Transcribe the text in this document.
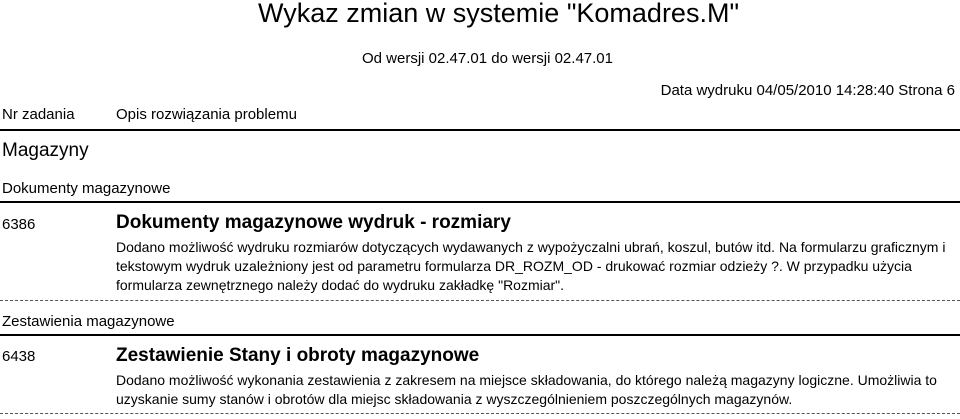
Wykaz zmian w systemie "Komadres.M"
Od wersji 02.47.01 do wersji 02.47.01
Data wydruku 04/05/2010 14:28:40 Strona 6
Nr zadania	Opis rozwiązania problemu
Magazyny
Dokumenty magazynowe
6386	Dokumenty magazynowe wydruk - rozmiary
Dodano możliwość wydruku rozmiarów dotyczących wydawanych z wypożyczalni ubrań, koszul, butów itd. Na formularzu graficznym i tekstowym wydruk uzależniony jest od parametru formularza DR_ROZM_OD - drukować rozmiar odzieży ?. W przypadku użycia formularza zewnętrznego należy dodać do wydruku zakładkę "Rozmiar".
Zestawienia magazynowe
6438	Zestawienie Stany i obroty magazynowe
Dodano możliwość wykonania zestawienia z zakresem na miejsce składowania, do którego należą magazyny logiczne. Umożliwia to uzyskanie sumy stanów i obrotów dla miejsc składowania z wyszczególnieniem poszczególnych magazynów.
